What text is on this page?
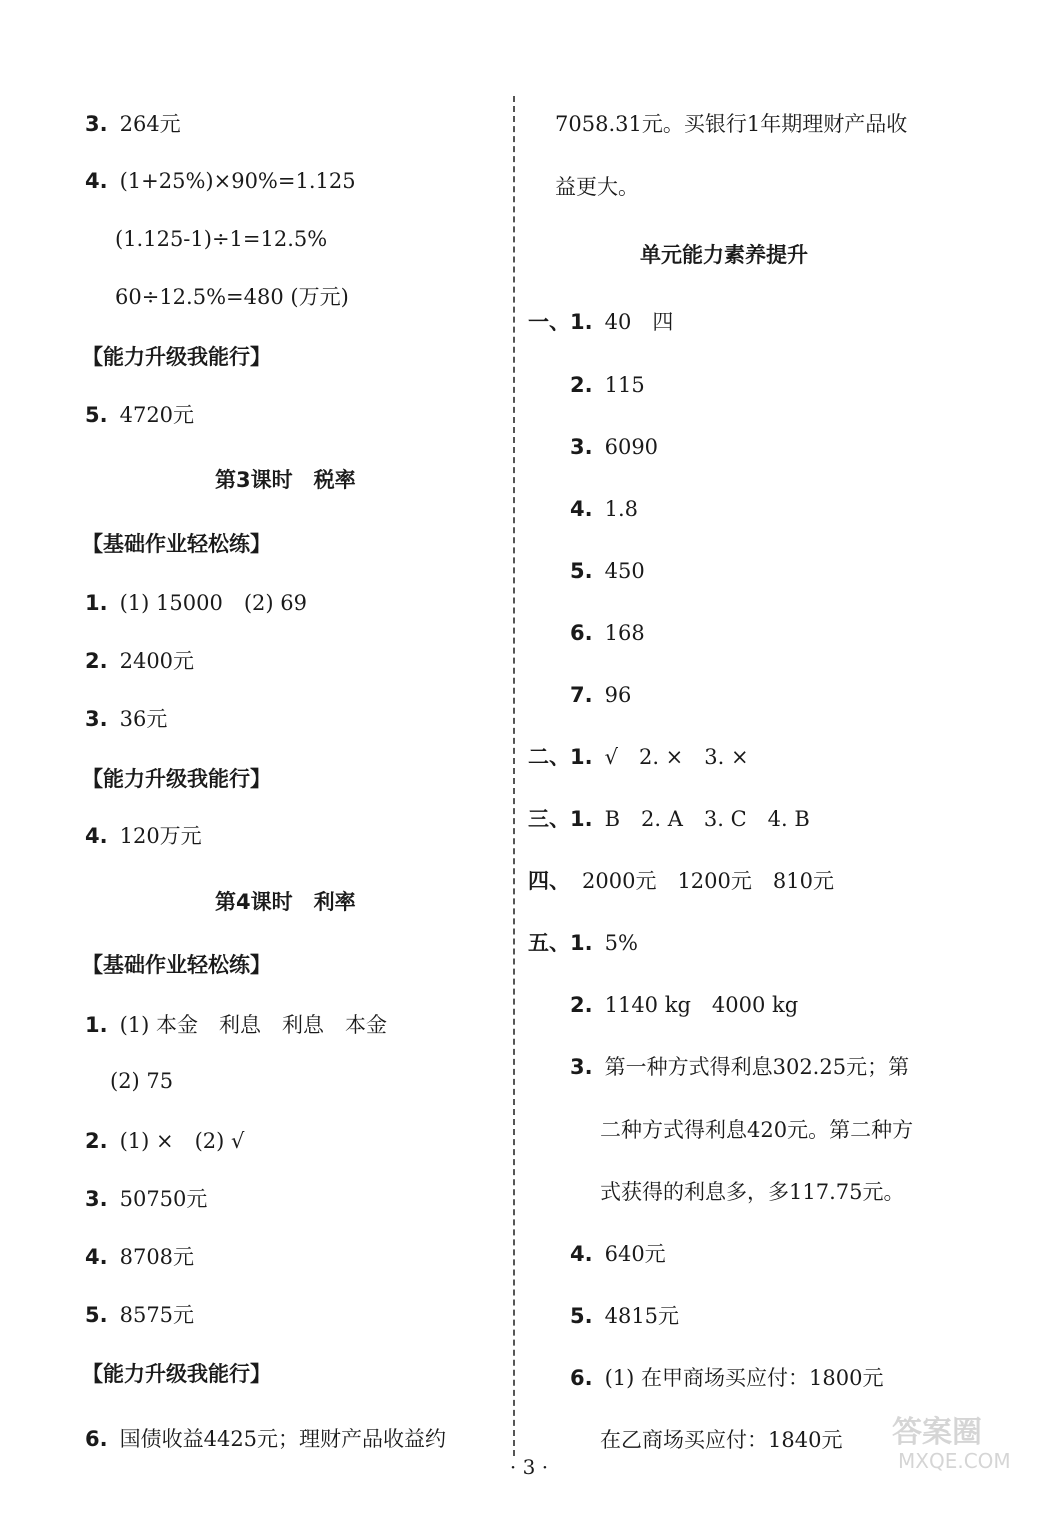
3. 264元
4. (1+25%)×90%=1.125
(1.125-1)÷1=12.5%
60÷12.5%=480 (万元)
【能力升级我能行】
5. 4720元
第3课时　税率
【基础作业轻松练】
1. (1) 15000　(2) 69
2. 2400元
3. 36元
【能力升级我能行】
4. 120万元
第4课时　利率
【基础作业轻松练】
1. (1) 本金　利息　利息　本金
(2) 75
2. (1) ×　(2) √
3. 50750元
4. 8708元
5. 8575元
【能力升级我能行】
6. 国债收益4425元；理财产品收益约
7058.31元。买银行1年期理财产品收
益更大。
单元能力素养提升
一、1. 40　四
2. 115
3. 6090
4. 1.8
5. 450
6. 168
7. 96
二、1. √　2. ×　3. ×
三、1. B　2. A　3. C　4. B
四、 2000元　1200元　810元
五、1. 5%
2. 1140 kg　4000 kg
3. 第一种方式得利息302.25元；第
二种方式得利息420元。第二种方
式获得的利息多，多117.75元。
4. 640元
5. 4815元
6. (1) 在甲商场买应付：1800元
在乙商场买应付：1840元
· 3 ·
答案圈
MXQE.COM
